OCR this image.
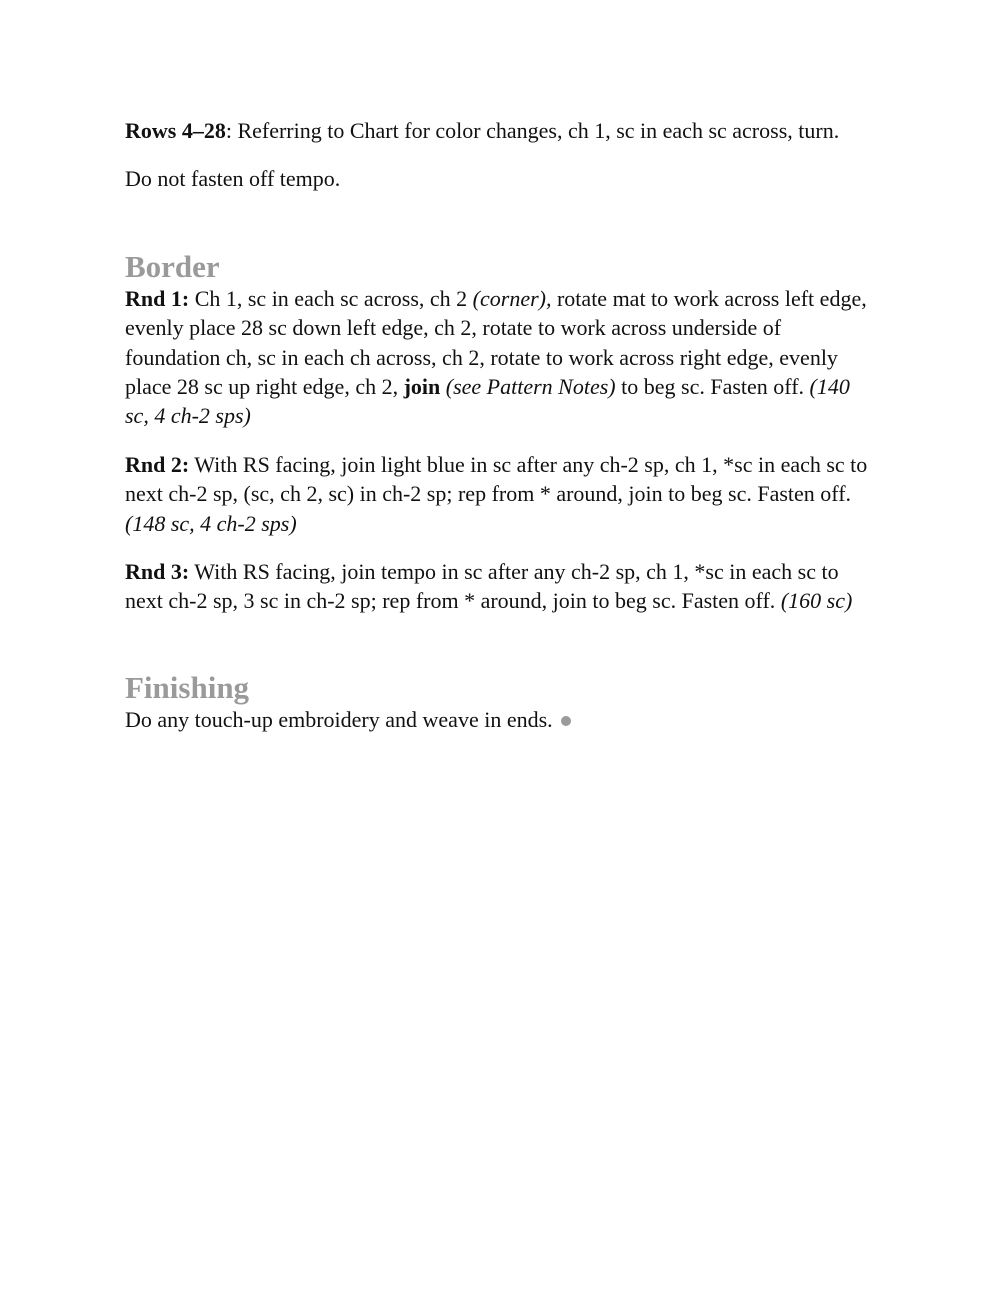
Rows 4–28: Referring to Chart for color changes, ch 1, sc in each sc across, turn.

Do not fasten off tempo.

Border

Rnd 1: Ch 1, sc in each sc across, ch 2 (corner), rotate mat to work across left edge, evenly place 28 sc down left edge, ch 2, rotate to work across underside of foundation ch, sc in each ch across, ch 2, rotate to work across right edge, evenly place 28 sc up right edge, ch 2, join (see Pattern Notes) to beg sc. Fasten off. (140 sc, 4 ch-2 sps)

Rnd 2: With RS facing, join light blue in sc after any ch-2 sp, ch 1, *sc in each sc to next ch-2 sp, (sc, ch 2, sc) in ch-2 sp; rep from * around, join to beg sc. Fasten off. (148 sc, 4 ch-2 sps)

Rnd 3: With RS facing, join tempo in sc after any ch-2 sp, ch 1, *sc in each sc to next ch-2 sp, 3 sc in ch-2 sp; rep from * around, join to beg sc. Fasten off. (160 sc)

Finishing

Do any touch-up embroidery and weave in ends.
